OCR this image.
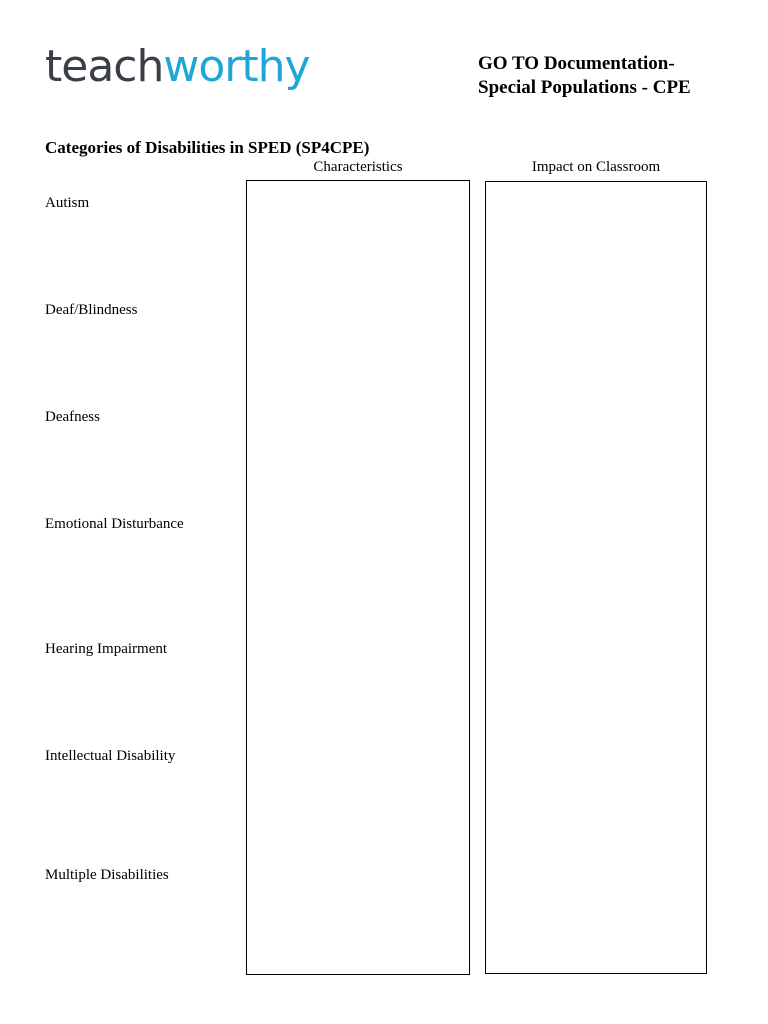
teachworthy	GO TO Documentation-
Special Populations - CPE
Categories of Disabilities in SPED (SP4CPE)
Characteristics	Impact on Classroom
Autism
Deaf/Blindness
Deafness
Emotional Disturbance
Hearing Impairment
Intellectual Disability
Multiple Disabilities
